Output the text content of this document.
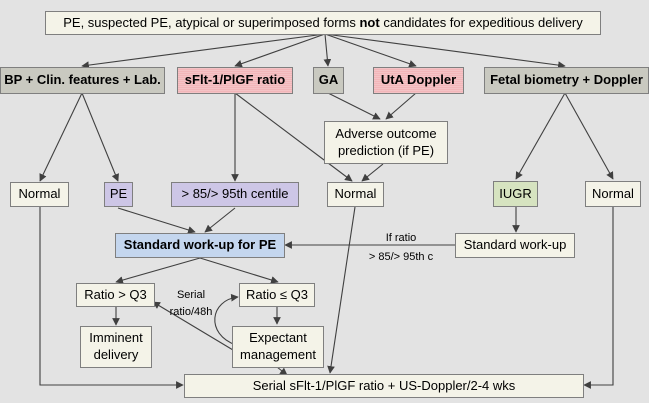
PE, suspected PE, atypical or superimposed forms not candidates for expeditious delivery
BP + Clin. features + Lab. sFlt-1/PlGF ratio	GA	UtA Doppler	Fetal biometry + Doppler
Adverse outcome
prediction (if PE)
Normal	PE	> 85/> 95th centile	Normal	IUGR	Normal
Standard work-up for PE	Standard work-up
Ratio > Q3	Ratio ≤ Q3
Imminent
delivery
Expectant
management
Serial sFlt-1/PlGF ratio + US-Doppler/2-4 wks
If ratio
> 85/> 95th c
Serial
ratio/48h
